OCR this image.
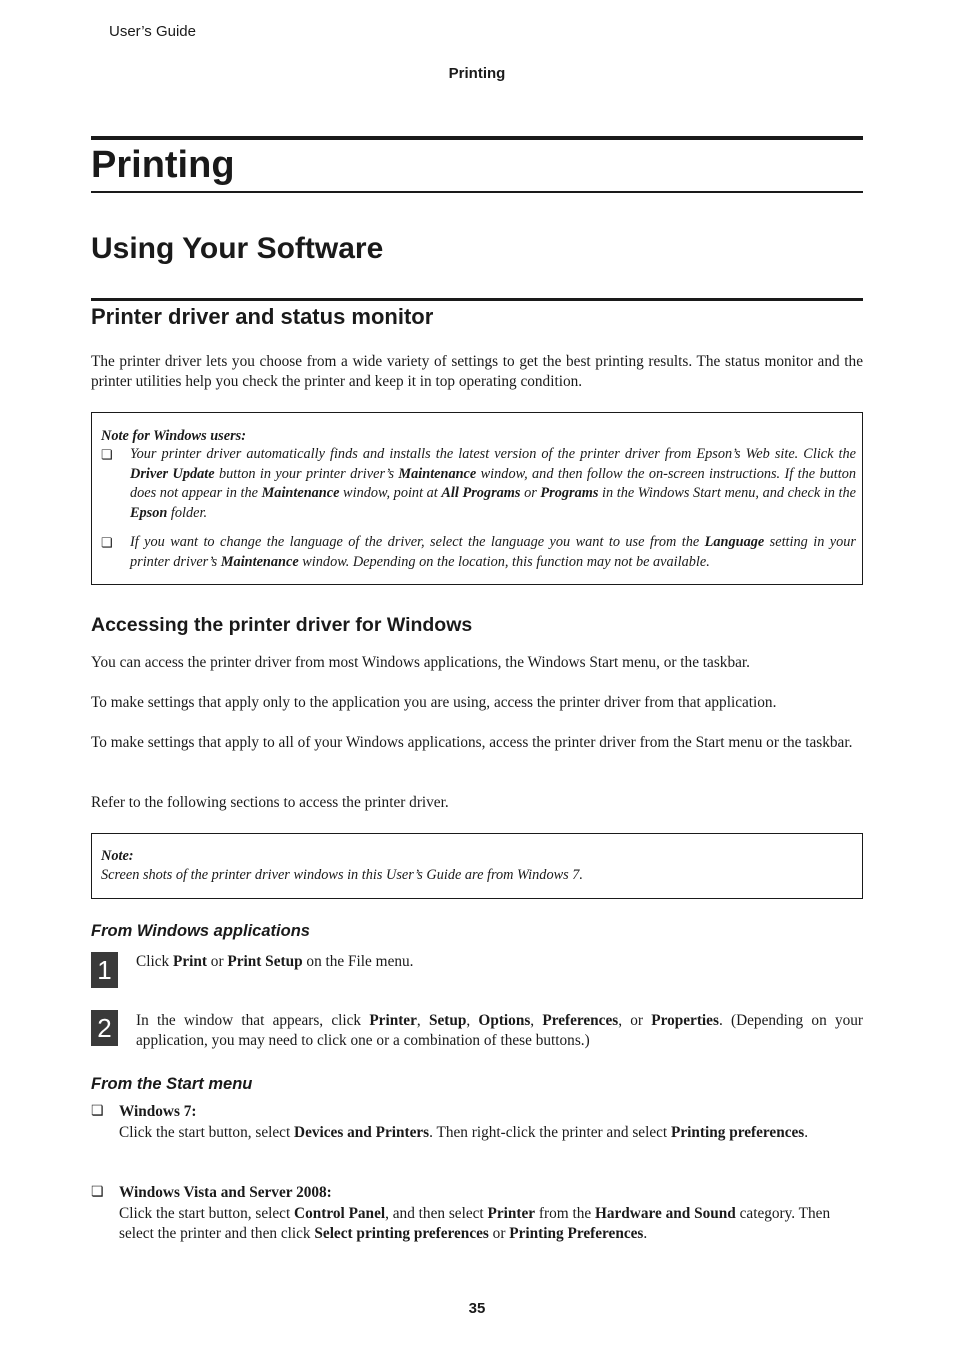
User’s Guide
Printing
Printing
Using Your Software
Printer driver and status monitor
The printer driver lets you choose from a wide variety of settings to get the best printing results. The status monitor and the printer utilities help you check the printer and keep it in top operating condition.
Note for Windows users:
❏ Your printer driver automatically finds and installs the latest version of the printer driver from Epson’s Web site. Click the Driver Update button in your printer driver’s Maintenance window, and then follow the on-screen instructions. If the button does not appear in the Maintenance window, point at All Programs or Programs in the Windows Start menu, and check in the Epson folder.
❏ If you want to change the language of the driver, select the language you want to use from the Language setting in your printer driver’s Maintenance window. Depending on the location, this function may not be available.
Accessing the printer driver for Windows
You can access the printer driver from most Windows applications, the Windows Start menu, or the taskbar.
To make settings that apply only to the application you are using, access the printer driver from that application.
To make settings that apply to all of your Windows applications, access the printer driver from the Start menu or the taskbar.
Refer to the following sections to access the printer driver.
Note:
Screen shots of the printer driver windows in this User’s Guide are from Windows 7.
From Windows applications
1	Click Print or Print Setup on the File menu.
2	In the window that appears, click Printer, Setup, Options, Preferences, or Properties. (Depending on your application, you may need to click one or a combination of these buttons.)
From the Start menu
❏ Windows 7:
Click the start button, select Devices and Printers. Then right-click the printer and select Printing preferences.
❏ Windows Vista and Server 2008:
Click the start button, select Control Panel, and then select Printer from the Hardware and Sound category. Then select the printer and then click Select printing preferences or Printing Preferences.
35
